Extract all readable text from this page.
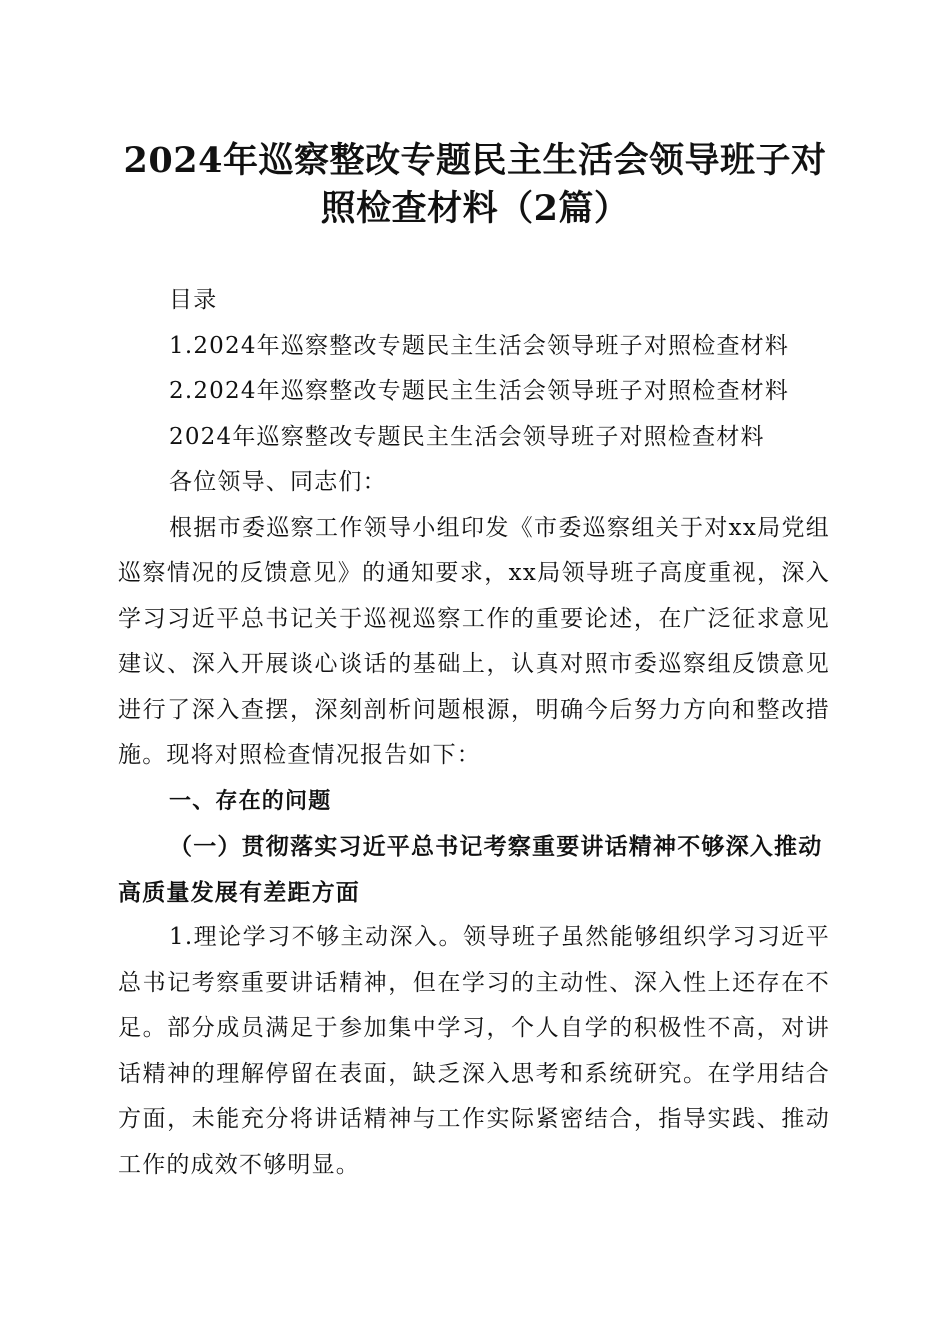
2024年巡察整改专题民主生活会领导班子对
照检查材料（2篇）

目录

1.2024年巡察整改专题民主生活会领导班子对照检查材料

2.2024年巡察整改专题民主生活会领导班子对照检查材料

2024年巡察整改专题民主生活会领导班子对照检查材料

各位领导、同志们：

根据市委巡察工作领导小组印发《市委巡察组关于对xx局党组巡察情况的反馈意见》的通知要求，xx局领导班子高度重视，深入学习习近平总书记关于巡视巡察工作的重要论述，在广泛征求意见建议、深入开展谈心谈话的基础上，认真对照市委巡察组反馈意见进行了深入查摆，深刻剖析问题根源，明确今后努力方向和整改措施。现将对照检查情况报告如下：

一、存在的问题

（一）贯彻落实习近平总书记考察重要讲话精神不够深入推动高质量发展有差距方面

1.理论学习不够主动深入。领导班子虽然能够组织学习习近平总书记考察重要讲话精神，但在学习的主动性、深入性上还存在不足。部分成员满足于参加集中学习，个人自学的积极性不高，对讲话精神的理解停留在表面，缺乏深入思考和系统研究。在学用结合方面，未能充分将讲话精神与工作实际紧密结合，指导实践、推动工作的成效不够明显。
